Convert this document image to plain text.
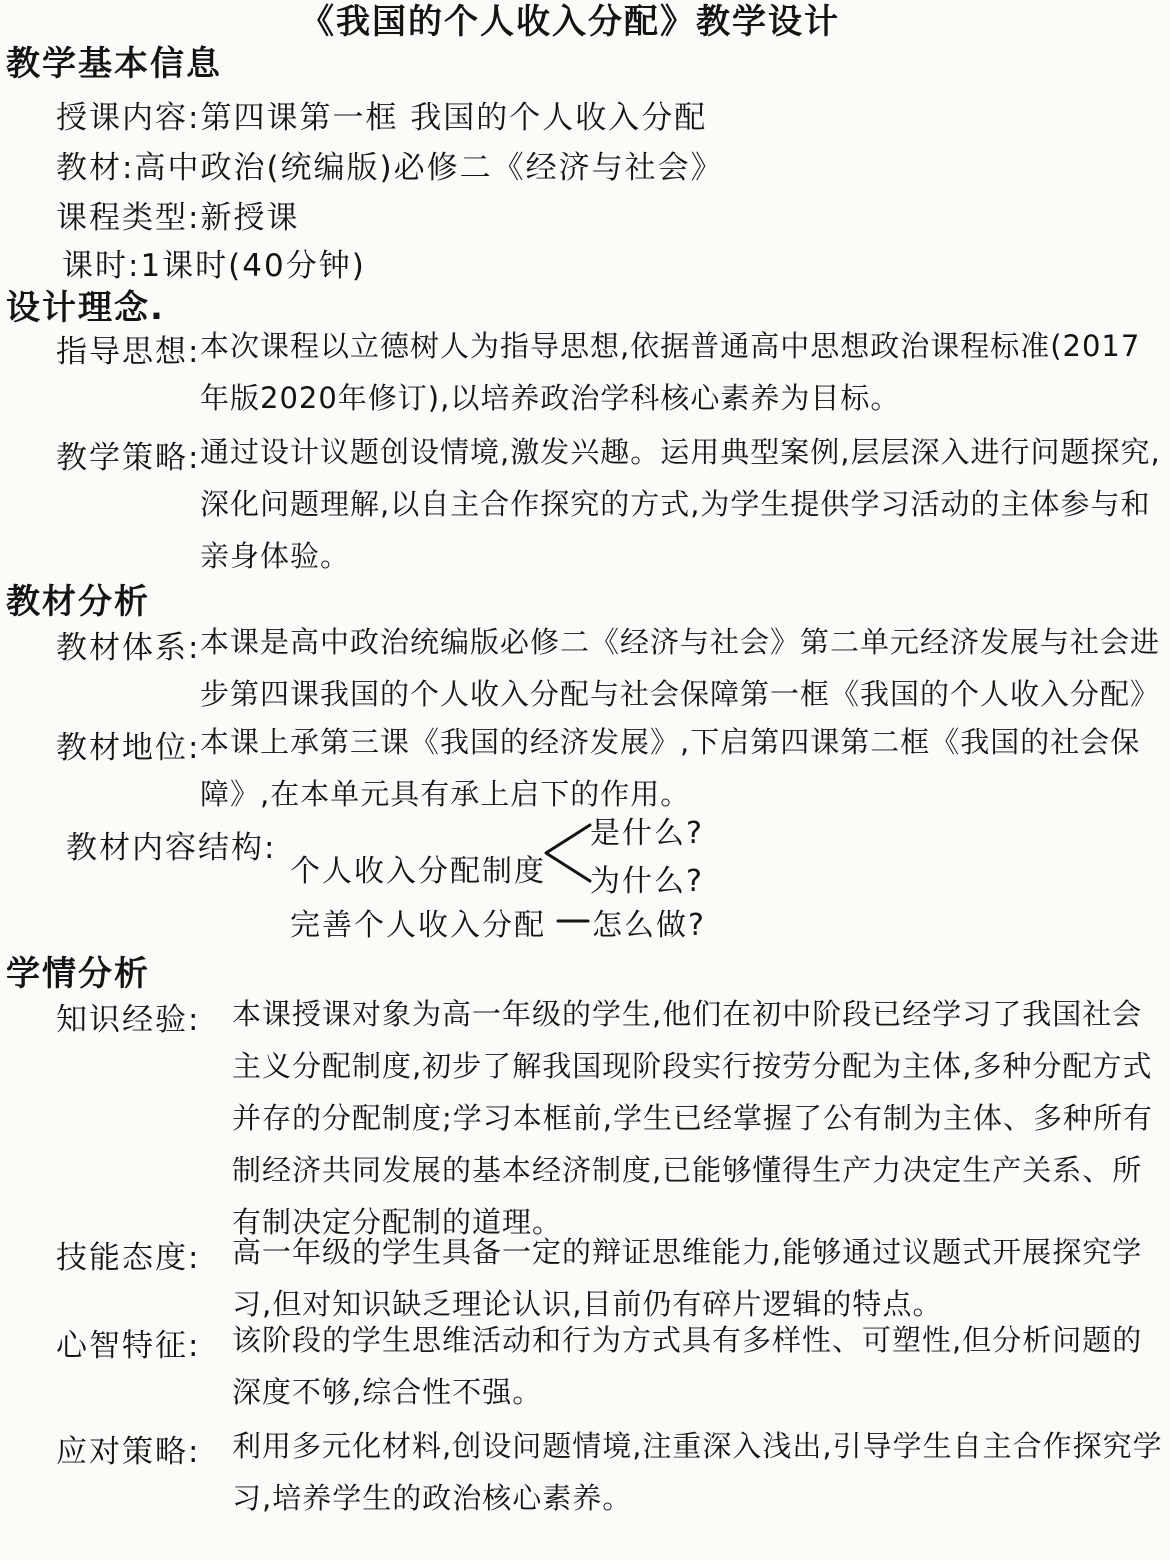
《我国的个人收入分配》教学设计
教学基本信息
授课内容:第四课第一框 我国的个人收入分配
教材:高中政治(统编版)必修二《经济与社会》
课程类型:新授课
课时:1课时(40分钟)
设计理念.
指导思想: 本次课程以立德树人为指导思想,依据普通高中思想政治课程标准(2017年版2020年修订),以培养政治学科核心素养为目标。
教学策略: 通过设计议题创设情境,激发兴趣。运用典型案例,层层深入进行问题探究,深化问题理解,以自主合作探究的方式,为学生提供学习活动的主体参与和亲身体验。
教材分析
教材体系: 本课是高中政治统编版必修二《经济与社会》第二单元经济发展与社会进步第四课我国的个人收入分配与社会保障第一框《我国的个人收入分配》
教材地位: 本课上承第三课《我国的经济发展》,下启第四课第二框《我国的社会保障》,在本单元具有承上启下的作用。
教材内容结构:
个人收入分配制度
是什么?
为什么?
完善个人收入分配 怎么做?
学情分析
知识经验: 本课授课对象为高一年级的学生,他们在初中阶段已经学习了我国社会主义分配制度,初步了解我国现阶段实行按劳分配为主体,多种分配方式并存的分配制度;学习本框前,学生已经掌握了公有制为主体、多种所有制经济共同发展的基本经济制度,已能够懂得生产力决定生产关系、所有制决定分配制的道理。
技能态度: 高一年级的学生具备一定的辩证思维能力,能够通过议题式开展探究学习,但对知识缺乏理论认识,目前仍有碎片逻辑的特点。
心智特征: 该阶段的学生思维活动和行为方式具有多样性、可塑性,但分析问题的深度不够,综合性不强。
应对策略: 利用多元化材料,创设问题情境,注重深入浅出,引导学生自主合作探究学习,培养学生的政治核心素养。
